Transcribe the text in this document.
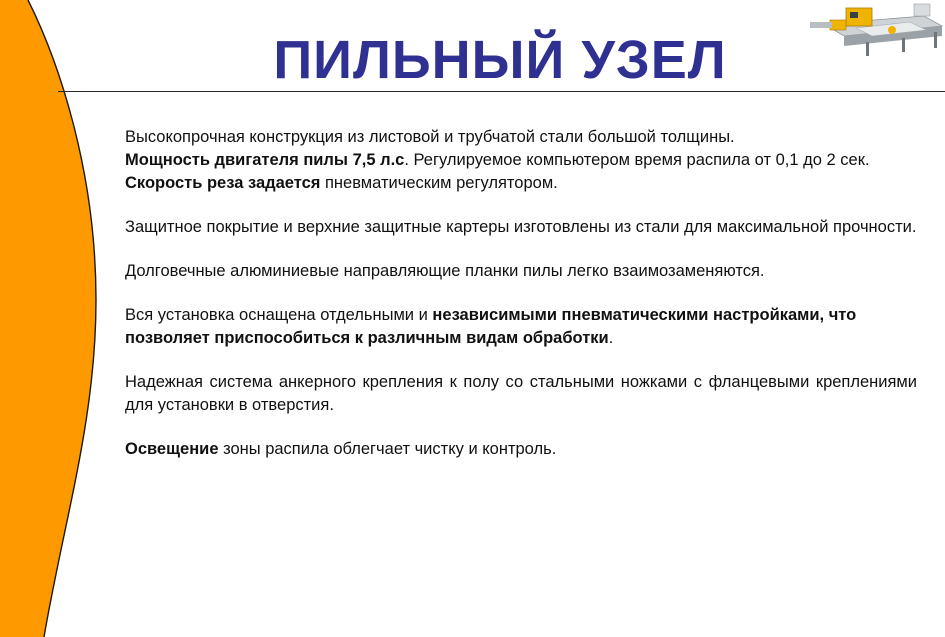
ПИЛЬНЫЙ УЗЕЛ

Высокопрочная конструкция из листовой и трубчатой стали большой толщины.
Мощность двигателя пилы 7,5 л.с. Регулируемое компьютером время распила от 0,1 до 2 сек. Скорость реза задается пневматическим регулятором.

Защитное покрытие и верхние защитные картеры изготовлены из стали для максимальной прочности.

Долговечные алюминиевые направляющие планки пилы легко взаимозаменяются.

Вся установка оснащена отдельными и независимыми пневматическими настройками, что позволяет приспособиться к различным видам обработки.

Надежная система анкерного крепления к полу со стальными ножками с фланцевыми креплениями для установки в отверстия.

Освещение зоны распила облегчает чистку и контроль.
